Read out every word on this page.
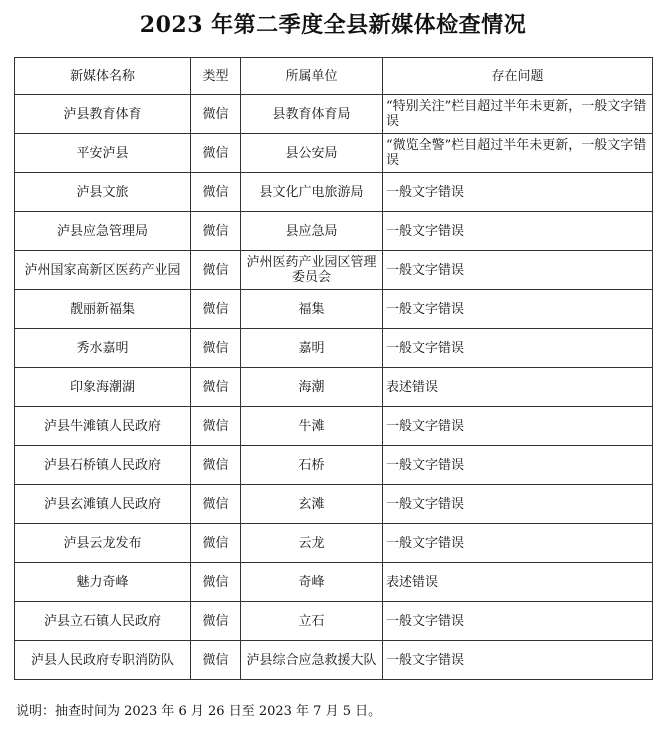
2023 年第二季度全县新媒体检查情况
新媒体名称	类型	所属单位	存在问题
泸县教育体育	微信	县教育体育局	“特别关注”栏目超过半年未更新，一般文字错误
平安泸县	微信	县公安局	“微览全警”栏目超过半年未更新，一般文字错误
泸县文旅	微信	县文化广电旅游局	一般文字错误
泸县应急管理局	微信	县应急局	一般文字错误
泸州国家高新区医药产业园	微信	泸州医药产业园区管理委员会	一般文字错误
靓丽新福集	微信	福集	一般文字错误
秀水嘉明	微信	嘉明	一般文字错误
印象海潮湖	微信	海潮	表述错误
泸县牛滩镇人民政府	微信	牛滩	一般文字错误
泸县石桥镇人民政府	微信	石桥	一般文字错误
泸县玄滩镇人民政府	微信	玄滩	一般文字错误
泸县云龙发布	微信	云龙	一般文字错误
魅力奇峰	微信	奇峰	表述错误
泸县立石镇人民政府	微信	立石	一般文字错误
泸县人民政府专职消防队	微信	泸县综合应急救援大队	一般文字错误
说明：抽查时间为 2023 年 6 月 26 日至 2023 年 7 月 5 日。
